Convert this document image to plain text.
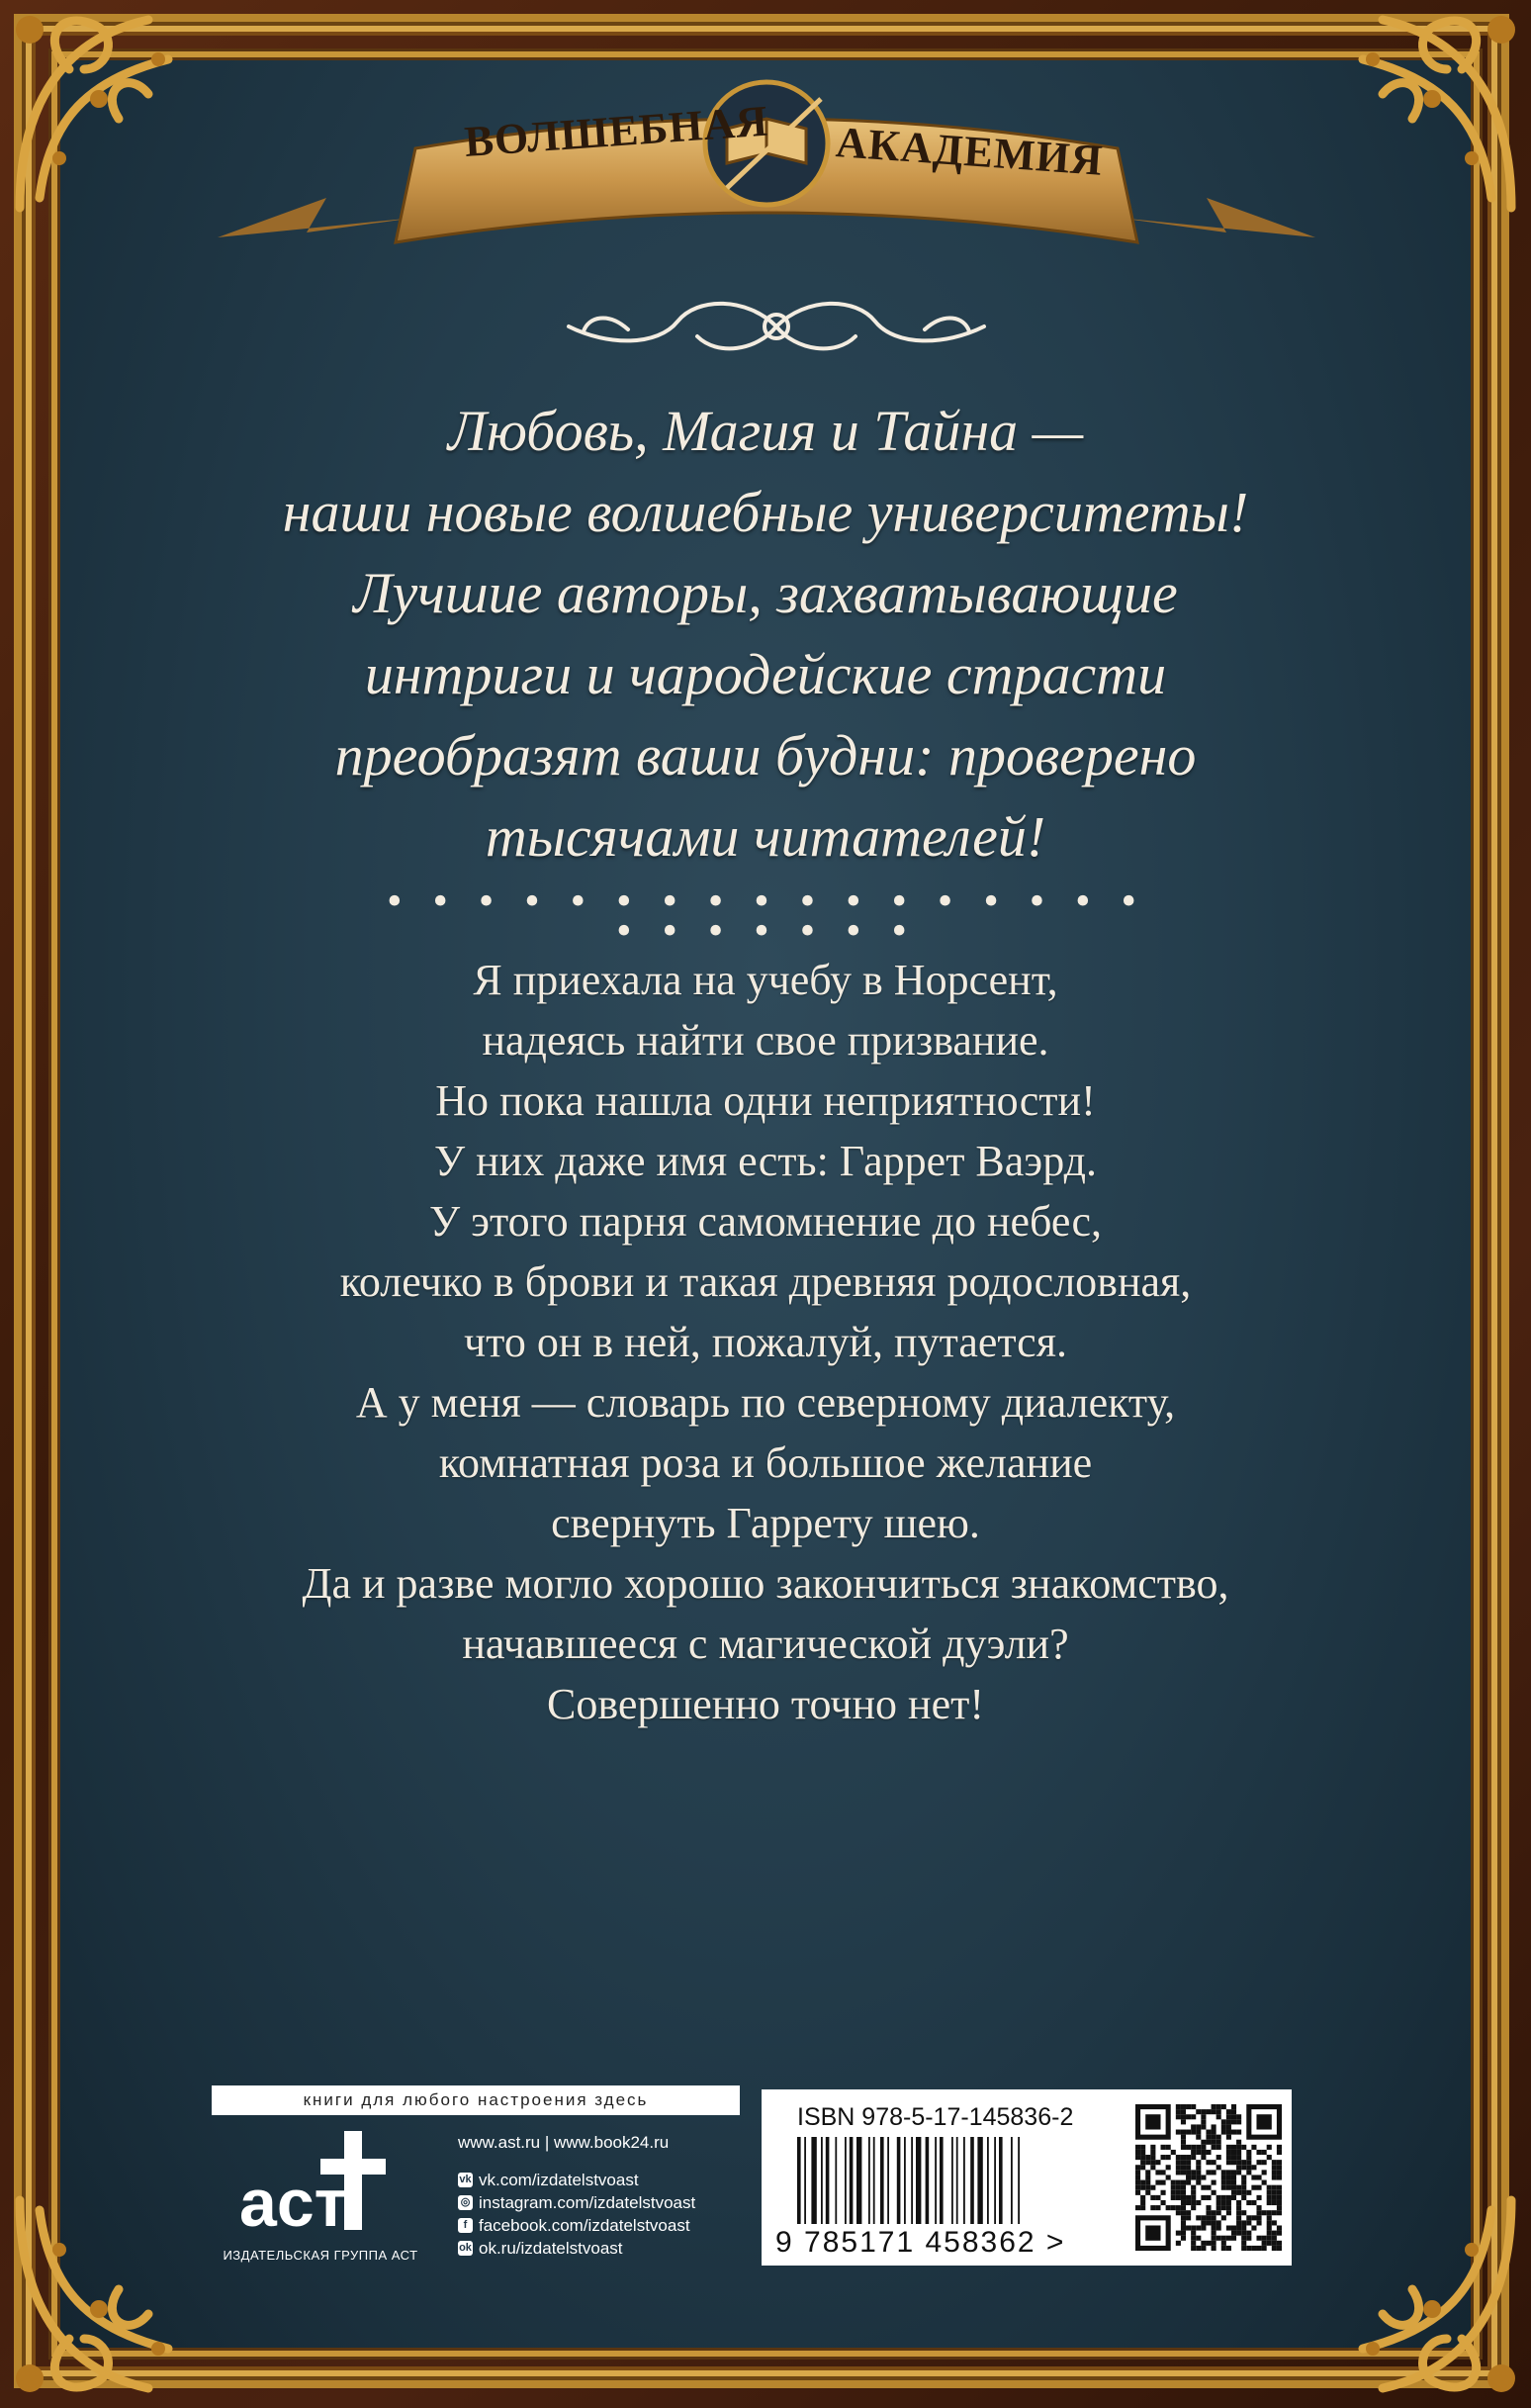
ВОЛШЕБНАЯ АКАДЕМИЯ
Любовь, Магия и Тайна —
наши новые волшебные университеты!
Лучшие авторы, захватывающие
интриги и чародейские страсти
преобразят ваши будни: проверено
тысячами читателей!
• • • • • • • • • • • • • • • • • • • • • • • •
Я приехала на учебу в Норсент,
надеясь найти свое призвание.
Но пока нашла одни неприятности!
У них даже имя есть: Гаррет Ваэрд.
У этого парня самомнение до небес,
колечко в брови и такая древняя родословная,
что он в ней, пожалуй, путается.
А у меня — словарь по северному диалекту,
комнатная роза и большое желание
свернуть Гаррету шею.
Да и разве могло хорошо закончиться знакомство,
начавшееся с магической дуэли?
Совершенно точно нет!
книги для любого настроения здесь
аст
ИЗДАТЕЛЬСКАЯ ГРУППА АСТ
www.ast.ru | www.book24.ru
vk vk.com/izdatelstvoast
◎ instagram.com/izdatelstvoast
f facebook.com/izdatelstvoast
ok ok.ru/izdatelstvoast
ISBN 978-5-17-145836-2
9 785171 458362 >
